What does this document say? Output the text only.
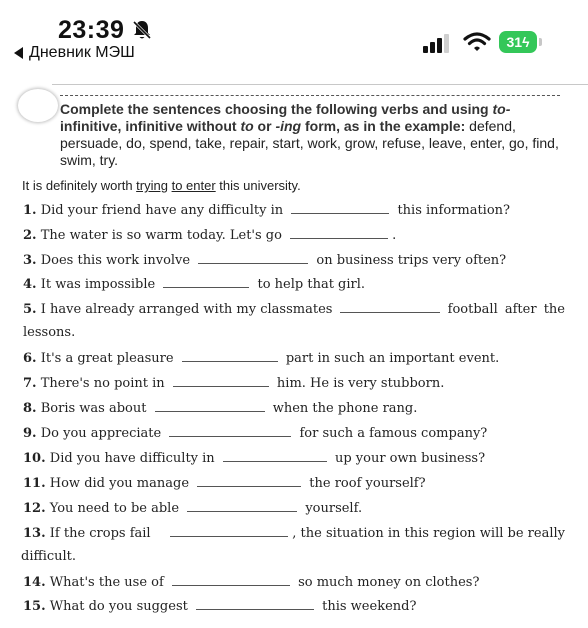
23:39
Дневник МЭШ
31 ϟ
Complete the sentences choosing the following verbs and using to- infinitive, infinitive without to or -ing form, as in the example: defend, persuade, do, spend, take, repair, start, work, grow, refuse, leave, enter, go, find, swim, try.
It is definitely worth trying to enter this university.
1. Did your friend have any difficulty in	this information?
2. The water is so warm today. Let's go	.
3. Does this work involve	on business trips very often?
4. It was impossible	to help that girl.
5. I have already arranged with my classmates	football after the
lessons.
6. It's a great pleasure	part in such an important event.
7. There's no point in	him. He is very stubborn.
8. Boris was about	when the phone rang.
9. Do you appreciate	for such a famous company?
10. Did you have difficulty in	up your own business?
11. How did you manage	the roof yourself?
12. You need to be able	yourself.
13. If the crops fail	, the situation in this region will be really
difficult.
14. What's the use of	so much money on clothes?
15. What do you suggest	this weekend?
